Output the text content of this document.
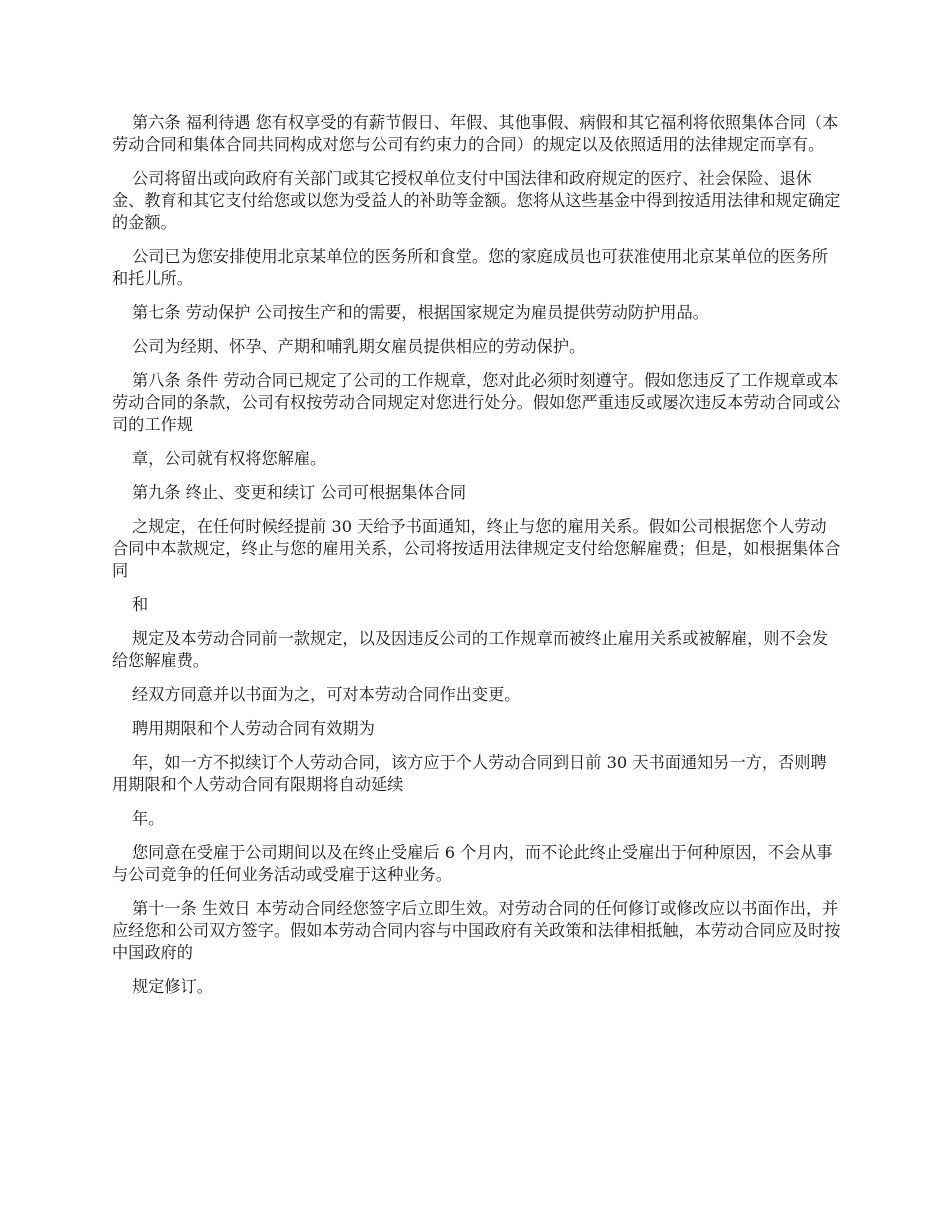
第六条 福利待遇 您有权享受的有薪节假日、年假、其他事假、病假和其它福利将依照集体合同（本劳动合同和集体合同共同构成对您与公司有约束力的合同）的规定以及依照适用的法律规定而享有。

公司将留出或向政府有关部门或其它授权单位支付中国法律和政府规定的医疗、社会保险、退休金、教育和其它支付给您或以您为受益人的补助等金额。您将从这些基金中得到按适用法律和规定确定的金额。

公司已为您安排使用北京某单位的医务所和食堂。您的家庭成员也可获准使用北京某单位的医务所和托儿所。

第七条 劳动保护 公司按生产和的需要，根据国家规定为雇员提供劳动防护用品。

公司为经期、怀孕、产期和哺乳期女雇员提供相应的劳动保护。

第八条 条件 劳动合同已规定了公司的工作规章，您对此必须时刻遵守。假如您违反了工作规章或本劳动合同的条款，公司有权按劳动合同规定对您进行处分。假如您严重违反或屡次违反本劳动合同或公司的工作规

章，公司就有权将您解雇。

第九条 终止、变更和续订 公司可根据集体合同

之规定，在任何时候经提前 30 天给予书面通知，终止与您的雇用关系。假如公司根据您个人劳动合同中本款规定，终止与您的雇用关系，公司将按适用法律规定支付给您解雇费；但是，如根据集体合同

和

规定及本劳动合同前一款规定，以及因违反公司的工作规章而被终止雇用关系或被解雇，则不会发给您解雇费。

经双方同意并以书面为之，可对本劳动合同作出变更。

聘用期限和个人劳动合同有效期为

年，如一方不拟续订个人劳动合同，该方应于个人劳动合同到日前 30 天书面通知另一方，否则聘用期限和个人劳动合同有限期将自动延续

年。

您同意在受雇于公司期间以及在终止受雇后 6 个月内，而不论此终止受雇出于何种原因，不会从事与公司竞争的任何业务活动或受雇于这种业务。

第十一条 生效日 本劳动合同经您签字后立即生效。对劳动合同的任何修订或修改应以书面作出，并应经您和公司双方签字。假如本劳动合同内容与中国政府有关政策和法律相抵触，本劳动合同应及时按中国政府的

规定修订。
